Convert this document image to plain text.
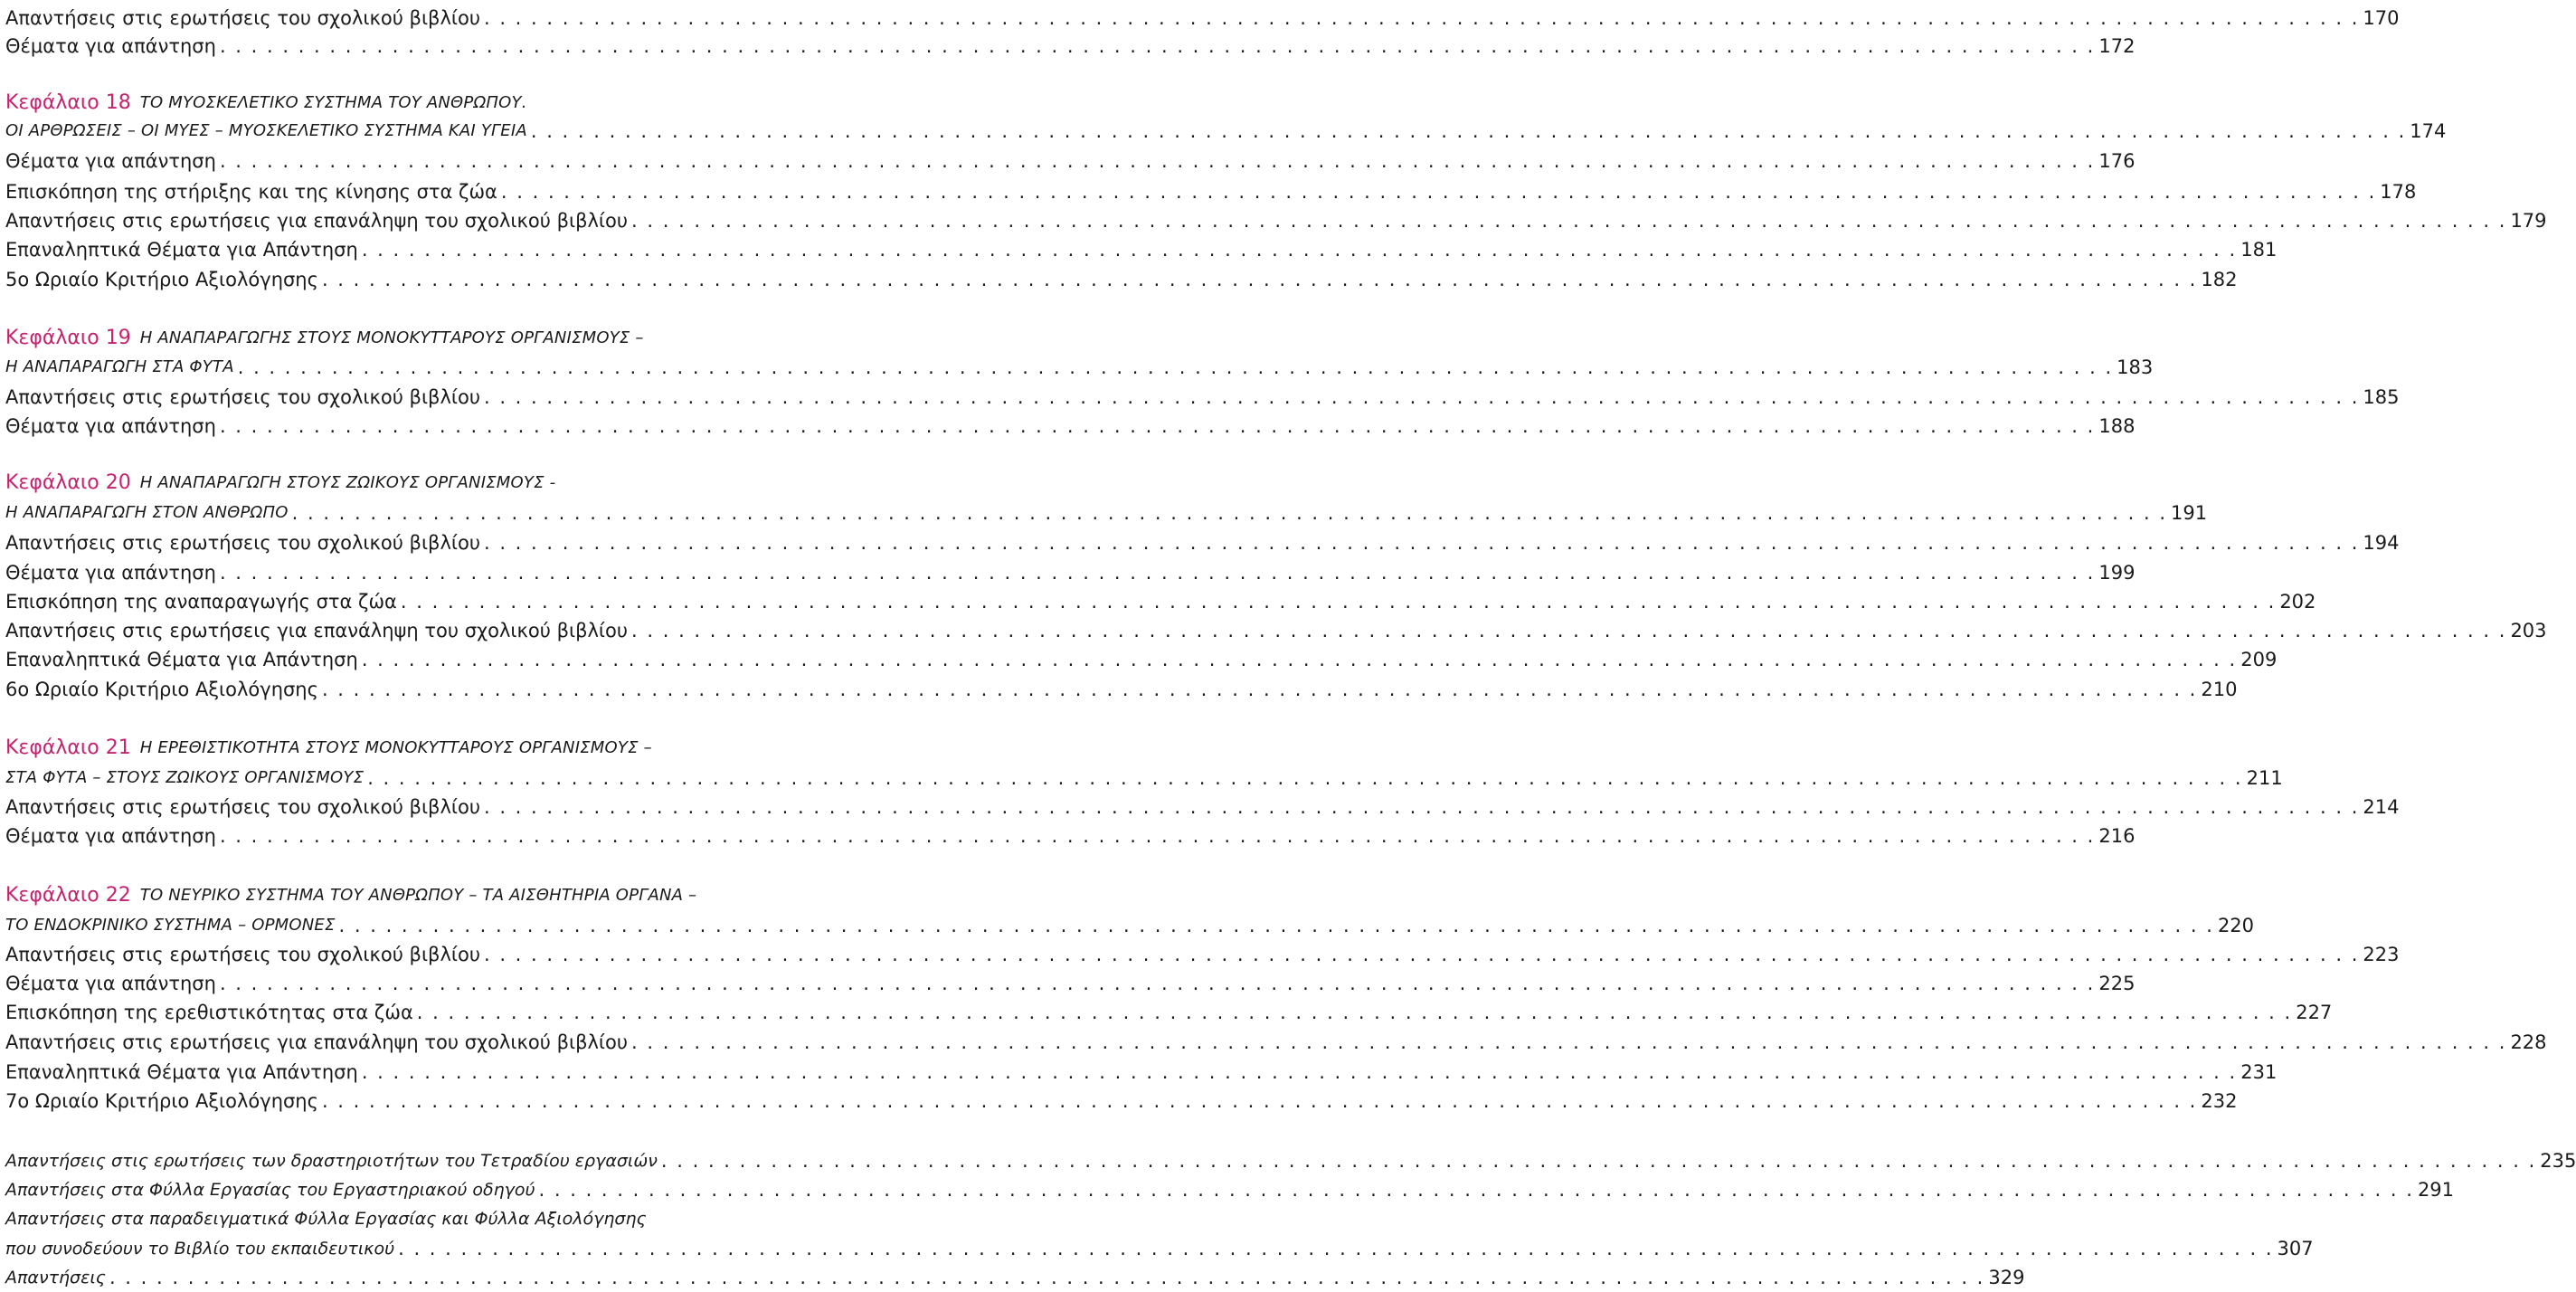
Απαντήσεις στις ερωτήσεις του σχολικού βιβλίου . . . . . . . . . . . . . . . . . . . . . . . . . . . . . . . . . . . . . . . . . . . . . . . . . . . . . . . . . . . . . . . . . . . . . . . . . . . . . . . . . . . . . . . . . . . . . . . . . . . . . . . . . . . . . . . . . . . . . . . . 170
Θέματα για απάντηση . . . . . . . . . . . . . . . . . . . . . . . . . . . . . . . . . . . . . . . . . . . . . . . . . . . . . . . . . . . . . . . . . . . . . . . . . . . . . . . . . . . . . . . . . . . . . . . . . . . . . . . . . . . . . . . . . . . . . . . . 172
Κεφάλαιο 18 ΤΟ ΜΥΟΣΚΕΛΕΤΙΚΟ ΣΥΣΤΗΜΑ ΤΟΥ ΑΝΘΡΩΠΟΥ.
ΟΙ ΑΡΘΡΩΣΕΙΣ – ΟΙ ΜΥΕΣ – ΜΥΟΣΚΕΛΕΤΙΚΟ ΣΥΣΤΗΜΑ ΚΑΙ ΥΓΕΙΑ . . . . . . . . . . . . . . . . . . . . . . . . . . . . . . . . . . . . . . . . . . . . . . . . . . . . . . . . . . . . . . . . . . . . . . . . . . . . . . . . . . . . . . . . . . . . . . . . . . . . . . . . . . . . . . . . . . . . . . . . 174
Θέματα για απάντηση . . . . . . . . . . . . . . . . . . . . . . . . . . . . . . . . . . . . . . . . . . . . . . . . . . . . . . . . . . . . . . . . . . . . . . . . . . . . . . . . . . . . . . . . . . . . . . . . . . . . . . . . . . . . . . . . . . . . . . . . 176
Επισκόπηση της στήριξης και της κίνησης στα ζώα . . . . . . . . . . . . . . . . . . . . . . . . . . . . . . . . . . . . . . . . . . . . . . . . . . . . . . . . . . . . . . . . . . . . . . . . . . . . . . . . . . . . . . . . . . . . . . . . . . . . . . . . . . . . . . . . . . . . . . . . 178
Απαντήσεις στις ερωτήσεις για επανάληψη του σχολικού βιβλίου . . . . . . . . . . . . . . . . . . . . . . . . . . . . . . . . . . . . . . . . . . . . . . . . . . . . . . . . . . . . . . . . . . . . . . . . . . . . . . . . . . . . . . . . . . . . . . . . . . . . . . . . . . . . . . . . . . . . . . . . 179
Επαναληπτικά Θέματα για Απάντηση . . . . . . . . . . . . . . . . . . . . . . . . . . . . . . . . . . . . . . . . . . . . . . . . . . . . . . . . . . . . . . . . . . . . . . . . . . . . . . . . . . . . . . . . . . . . . . . . . . . . . . . . . . . . . . . . . . . . . . . . 181
5ο Ωριαίο Κριτήριο Αξιολόγησης . . . . . . . . . . . . . . . . . . . . . . . . . . . . . . . . . . . . . . . . . . . . . . . . . . . . . . . . . . . . . . . . . . . . . . . . . . . . . . . . . . . . . . . . . . . . . . . . . . . . . . . . . . . . . . . . . . . . . . . . 182
Κεφάλαιο 19 Η ΑΝΑΠΑΡΑΓΩΓΗΣ ΣΤΟΥΣ ΜΟΝΟΚΥΤΤΑΡΟΥΣ ΟΡΓΑΝΙΣΜΟΥΣ –
Η ΑΝΑΠΑΡΑΓΩΓΗ ΣΤΑ ΦΥΤΑ . . . . . . . . . . . . . . . . . . . . . . . . . . . . . . . . . . . . . . . . . . . . . . . . . . . . . . . . . . . . . . . . . . . . . . . . . . . . . . . . . . . . . . . . . . . . . . . . . . . . . . . . . . . . . . . . . . . . . . . . 183
Απαντήσεις στις ερωτήσεις του σχολικού βιβλίου . . . . . . . . . . . . . . . . . . . . . . . . . . . . . . . . . . . . . . . . . . . . . . . . . . . . . . . . . . . . . . . . . . . . . . . . . . . . . . . . . . . . . . . . . . . . . . . . . . . . . . . . . . . . . . . . . . . . . . . . 185
Θέματα για απάντηση . . . . . . . . . . . . . . . . . . . . . . . . . . . . . . . . . . . . . . . . . . . . . . . . . . . . . . . . . . . . . . . . . . . . . . . . . . . . . . . . . . . . . . . . . . . . . . . . . . . . . . . . . . . . . . . . . . . . . . . . 188
Κεφάλαιο 20 Η ΑΝΑΠΑΡΑΓΩΓΗ ΣΤΟΥΣ ΖΩΙΚΟΥΣ ΟΡΓΑΝΙΣΜΟΥΣ -
Η ΑΝΑΠΑΡΑΓΩΓΗ ΣΤΟΝ ΑΝΘΡΩΠΟ . . . . . . . . . . . . . . . . . . . . . . . . . . . . . . . . . . . . . . . . . . . . . . . . . . . . . . . . . . . . . . . . . . . . . . . . . . . . . . . . . . . . . . . . . . . . . . . . . . . . . . . . . . . . . . . . . . . . . . . . 191
Απαντήσεις στις ερωτήσεις του σχολικού βιβλίου . . . . . . . . . . . . . . . . . . . . . . . . . . . . . . . . . . . . . . . . . . . . . . . . . . . . . . . . . . . . . . . . . . . . . . . . . . . . . . . . . . . . . . . . . . . . . . . . . . . . . . . . . . . . . . . . . . . . . . . . 194
Θέματα για απάντηση . . . . . . . . . . . . . . . . . . . . . . . . . . . . . . . . . . . . . . . . . . . . . . . . . . . . . . . . . . . . . . . . . . . . . . . . . . . . . . . . . . . . . . . . . . . . . . . . . . . . . . . . . . . . . . . . . . . . . . . . 199
Επισκόπηση της αναπαραγωγής στα ζώα . . . . . . . . . . . . . . . . . . . . . . . . . . . . . . . . . . . . . . . . . . . . . . . . . . . . . . . . . . . . . . . . . . . . . . . . . . . . . . . . . . . . . . . . . . . . . . . . . . . . . . . . . . . . . . . . . . . . . . . . 202
Απαντήσεις στις ερωτήσεις για επανάληψη του σχολικού βιβλίου . . . . . . . . . . . . . . . . . . . . . . . . . . . . . . . . . . . . . . . . . . . . . . . . . . . . . . . . . . . . . . . . . . . . . . . . . . . . . . . . . . . . . . . . . . . . . . . . . . . . . . . . . . . . . . . . . . . . . . . . 203
Επαναληπτικά Θέματα για Απάντηση . . . . . . . . . . . . . . . . . . . . . . . . . . . . . . . . . . . . . . . . . . . . . . . . . . . . . . . . . . . . . . . . . . . . . . . . . . . . . . . . . . . . . . . . . . . . . . . . . . . . . . . . . . . . . . . . . . . . . . . . 209
6ο Ωριαίο Κριτήριο Αξιολόγησης . . . . . . . . . . . . . . . . . . . . . . . . . . . . . . . . . . . . . . . . . . . . . . . . . . . . . . . . . . . . . . . . . . . . . . . . . . . . . . . . . . . . . . . . . . . . . . . . . . . . . . . . . . . . . . . . . . . . . . . . 210
Κεφάλαιο 21 Η ΕΡΕΘΙΣΤΙΚΟΤΗΤΑ ΣΤΟΥΣ ΜΟΝΟΚΥΤΤΑΡΟΥΣ ΟΡΓΑΝΙΣΜΟΥΣ –
ΣΤΑ ΦΥΤΑ – ΣΤΟΥΣ ΖΩΙΚΟΥΣ ΟΡΓΑΝΙΣΜΟΥΣ . . . . . . . . . . . . . . . . . . . . . . . . . . . . . . . . . . . . . . . . . . . . . . . . . . . . . . . . . . . . . . . . . . . . . . . . . . . . . . . . . . . . . . . . . . . . . . . . . . . . . . . . . . . . . . . . . . . . . . . . 211
Απαντήσεις στις ερωτήσεις του σχολικού βιβλίου . . . . . . . . . . . . . . . . . . . . . . . . . . . . . . . . . . . . . . . . . . . . . . . . . . . . . . . . . . . . . . . . . . . . . . . . . . . . . . . . . . . . . . . . . . . . . . . . . . . . . . . . . . . . . . . . . . . . . . . . 214
Θέματα για απάντηση . . . . . . . . . . . . . . . . . . . . . . . . . . . . . . . . . . . . . . . . . . . . . . . . . . . . . . . . . . . . . . . . . . . . . . . . . . . . . . . . . . . . . . . . . . . . . . . . . . . . . . . . . . . . . . . . . . . . . . . . 216
Κεφάλαιο 22 ΤΟ ΝΕΥΡΙΚΟ ΣΥΣΤΗΜΑ ΤΟΥ ΑΝΘΡΩΠΟΥ – ΤΑ ΑΙΣΘΗΤΗΡΙΑ ΟΡΓΑΝΑ –
ΤΟ ΕΝΔΟΚΡΙΝΙΚΟ ΣΥΣΤΗΜΑ – ΟΡΜΟΝΕΣ . . . . . . . . . . . . . . . . . . . . . . . . . . . . . . . . . . . . . . . . . . . . . . . . . . . . . . . . . . . . . . . . . . . . . . . . . . . . . . . . . . . . . . . . . . . . . . . . . . . . . . . . . . . . . . . . . . . . . . . . 220
Απαντήσεις στις ερωτήσεις του σχολικού βιβλίου . . . . . . . . . . . . . . . . . . . . . . . . . . . . . . . . . . . . . . . . . . . . . . . . . . . . . . . . . . . . . . . . . . . . . . . . . . . . . . . . . . . . . . . . . . . . . . . . . . . . . . . . . . . . . . . . . . . . . . . . 223
Θέματα για απάντηση . . . . . . . . . . . . . . . . . . . . . . . . . . . . . . . . . . . . . . . . . . . . . . . . . . . . . . . . . . . . . . . . . . . . . . . . . . . . . . . . . . . . . . . . . . . . . . . . . . . . . . . . . . . . . . . . . . . . . . . . 225
Επισκόπηση της ερεθιστικότητας στα ζώα . . . . . . . . . . . . . . . . . . . . . . . . . . . . . . . . . . . . . . . . . . . . . . . . . . . . . . . . . . . . . . . . . . . . . . . . . . . . . . . . . . . . . . . . . . . . . . . . . . . . . . . . . . . . . . . . . . . . . . . . 227
Απαντήσεις στις ερωτήσεις για επανάληψη του σχολικού βιβλίου . . . . . . . . . . . . . . . . . . . . . . . . . . . . . . . . . . . . . . . . . . . . . . . . . . . . . . . . . . . . . . . . . . . . . . . . . . . . . . . . . . . . . . . . . . . . . . . . . . . . . . . . . . . . . . . . . . . . . . . . 228
Επαναληπτικά Θέματα για Απάντηση . . . . . . . . . . . . . . . . . . . . . . . . . . . . . . . . . . . . . . . . . . . . . . . . . . . . . . . . . . . . . . . . . . . . . . . . . . . . . . . . . . . . . . . . . . . . . . . . . . . . . . . . . . . . . . . . . . . . . . . . 231
7ο Ωριαίο Κριτήριο Αξιολόγησης . . . . . . . . . . . . . . . . . . . . . . . . . . . . . . . . . . . . . . . . . . . . . . . . . . . . . . . . . . . . . . . . . . . . . . . . . . . . . . . . . . . . . . . . . . . . . . . . . . . . . . . . . . . . . . . . . . . . . . . . 232
Απαντήσεις στις ερωτήσεις των δραστηριοτήτων του Τετραδίου εργασιών . . . . . . . . . . . . . . . . . . . . . . . . . . . . . . . . . . . . . . . . . . . . . . . . . . . . . . . . . . . . . . . . . . . . . . . . . . . . . . . . . . . . . . . . . . . . . . . . . . . . . . . . . . . . . . . . . . . . . . . . 235
Απαντήσεις στα Φύλλα Εργασίας του Εργαστηριακού οδηγού . . . . . . . . . . . . . . . . . . . . . . . . . . . . . . . . . . . . . . . . . . . . . . . . . . . . . . . . . . . . . . . . . . . . . . . . . . . . . . . . . . . . . . . . . . . . . . . . . . . . . . . . . . . . . . . . . . . . . . . . 291
Απαντήσεις στα παραδειγματικά Φύλλα Εργασίας και Φύλλα Αξιολόγησης
που συνοδεύουν το Βιβλίο του εκπαιδευτικού . . . . . . . . . . . . . . . . . . . . . . . . . . . . . . . . . . . . . . . . . . . . . . . . . . . . . . . . . . . . . . . . . . . . . . . . . . . . . . . . . . . . . . . . . . . . . . . . . . . . . . . . . . . . . . . . . . . . . . . . 307
Απαντήσεις . . . . . . . . . . . . . . . . . . . . . . . . . . . . . . . . . . . . . . . . . . . . . . . . . . . . . . . . . . . . . . . . . . . . . . . . . . . . . . . . . . . . . . . . . . . . . . . . . . . . . . . . . . . . . . . . . . . . . . . . 329
